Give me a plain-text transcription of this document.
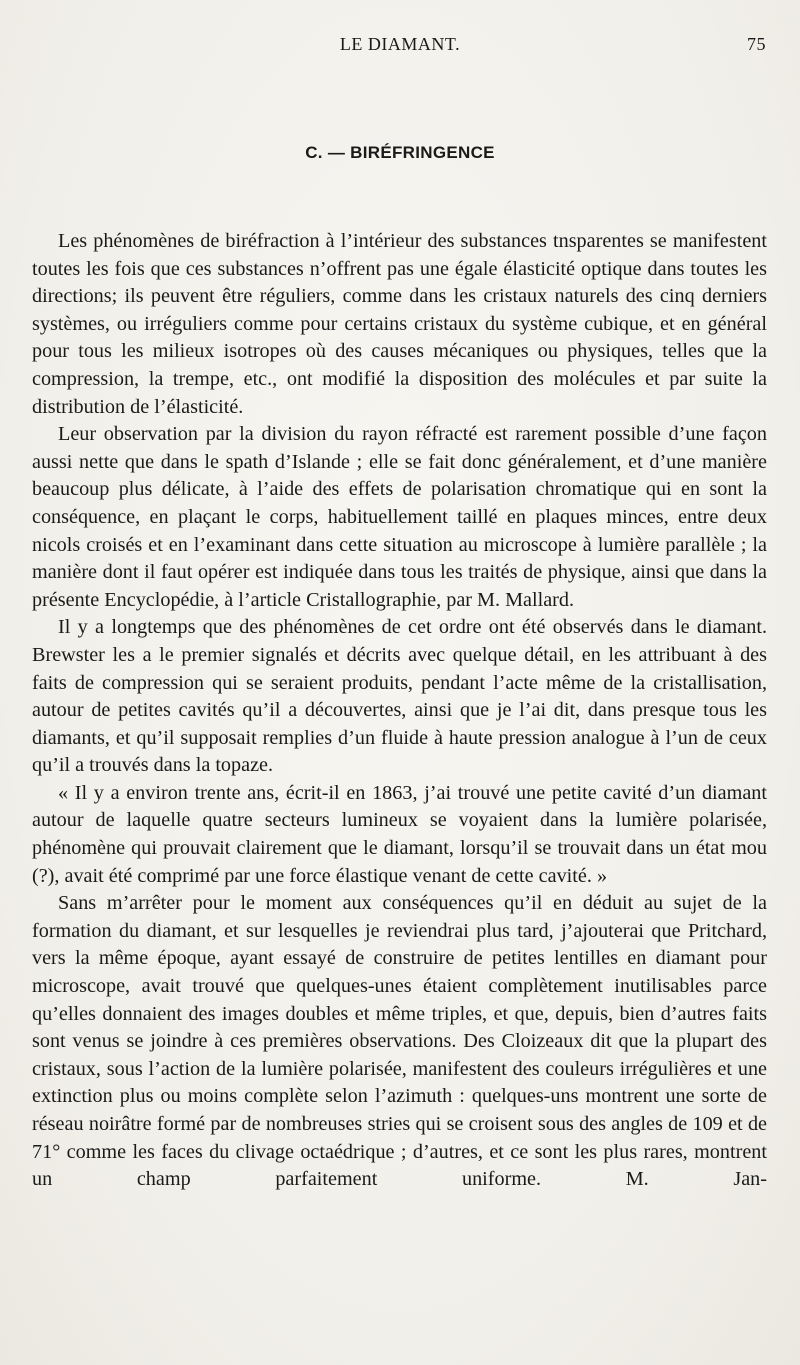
LE DIAMANT.	75
C. — BIRÉFRINGENCE

Les phénomènes de biréfraction à l’intérieur des substances tnsparentes se manifestent toutes les fois que ces substances n’offrent pas une égale élasticité optique dans toutes les directions; ils peuvent être réguliers, comme dans les cristaux naturels des cinq derniers systèmes, ou irréguliers comme pour certains cristaux du système cubique, et en général pour tous les milieux isotropes où des causes mécaniques ou physiques, telles que la compression, la trempe, etc., ont modifié la disposition des molécules et par suite la distribution de l’élasticité.

Leur observation par la division du rayon réfracté est rarement possible d’une façon aussi nette que dans le spath d’Islande ; elle se fait donc généralement, et d’une manière beaucoup plus délicate, à l’aide des effets de polarisation chromatique qui en sont la conséquence, en plaçant le corps, habituellement taillé en plaques minces, entre deux nicols croisés et en l’examinant dans cette situation au microscope à lumière parallèle ; la manière dont il faut opérer est indiquée dans tous les traités de physique, ainsi que dans la présente Encyclopédie, à l’article Cristallographie, par M. Mallard.

Il y a longtemps que des phénomènes de cet ordre ont été observés dans le diamant. Brewster les a le premier signalés et décrits avec quelque détail, en les attribuant à des faits de compression qui se seraient produits, pendant l’acte même de la cristallisation, autour de petites cavités qu’il a découvertes, ainsi que je l’ai dit, dans presque tous les diamants, et qu’il supposait remplies d’un fluide à haute pression analogue à l’un de ceux qu’il a trouvés dans la topaze.

« Il y a environ trente ans, écrit-il en 1863, j’ai trouvé une petite cavité d’un diamant autour de laquelle quatre secteurs lumineux se voyaient dans la lumière polarisée, phénomène qui prouvait clairement que le diamant, lorsqu’il se trouvait dans un état mou (?), avait été comprimé par une force élastique venant de cette cavité. »

Sans m’arrêter pour le moment aux conséquences qu’il en déduit au sujet de la formation du diamant, et sur lesquelles je reviendrai plus tard, j’ajouterai que Pritchard, vers la même époque, ayant essayé de construire de petites lentilles en diamant pour microscope, avait trouvé que quelques-unes étaient complètement inutilisables parce qu’elles donnaient des images doubles et même triples, et que, depuis, bien d’autres faits sont venus se joindre à ces premières observations. Des Cloizeaux dit que la plupart des cristaux, sous l’action de la lumière polarisée, manifestent des couleurs irrégulières et une extinction plus ou moins complète selon l’azimuth : quelques-uns montrent une sorte de réseau noirâtre formé par de nombreuses stries qui se croisent sous des angles de 109 et de 71° comme les faces du clivage octaédrique ; d’autres, et ce sont les plus rares, montrent un champ parfaitement uniforme. M. Jan-
